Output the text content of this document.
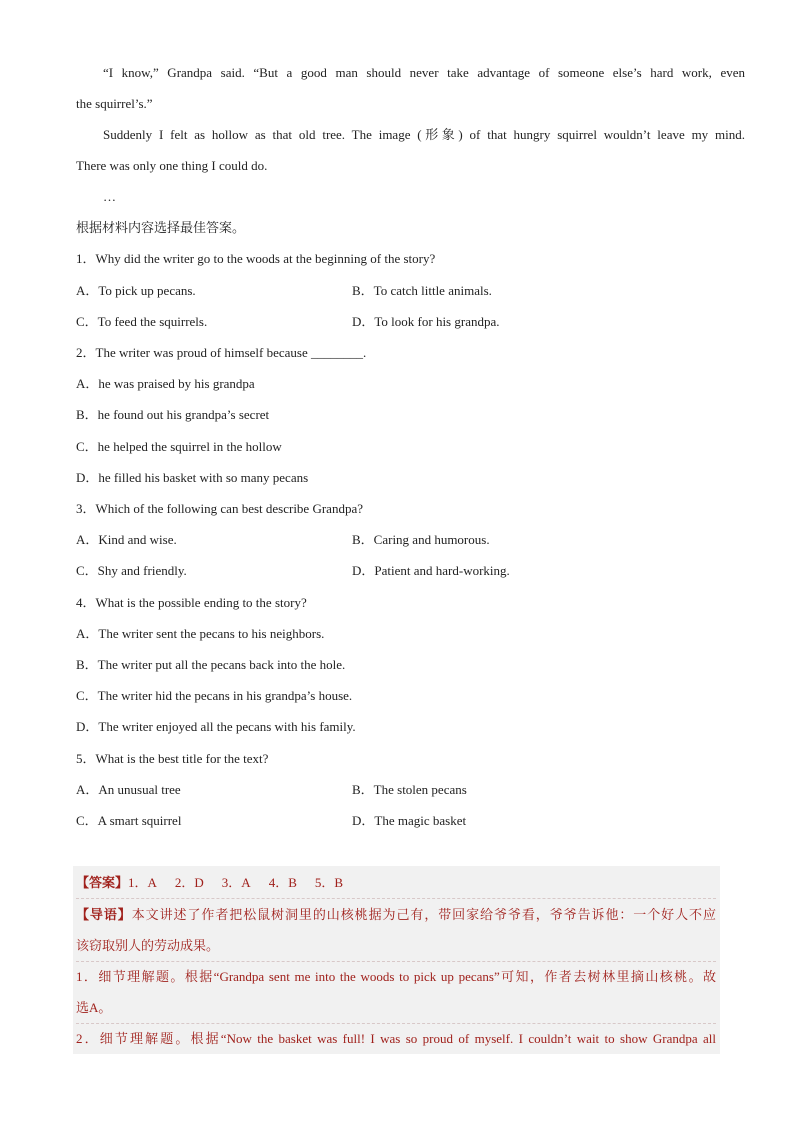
“I know,” Grandpa said. “But a good man should never take advantage of someone else’s hard work, even
the squirrel’s.”
Suddenly I felt as hollow as that old tree. The image (形象) of that hungry squirrel wouldn’t leave my mind.
There was only one thing I could do.
…
根据材料内容选择最佳答案。
1．Why did the writer go to the woods at the beginning of the story?
A．To pick up pecans.	B．To catch little animals.
C．To feed the squirrels.	D．To look for his grandpa.
2．The writer was proud of himself because ________.
A．he was praised by his grandpa
B．he found out his grandpa’s secret
C．he helped the squirrel in the hollow
D．he filled his basket with so many pecans
3．Which of the following can best describe Grandpa?
A．Kind and wise.	B．Caring and humorous.
C．Shy and friendly.	D．Patient and hard-working.
4．What is the possible ending to the story?
A．The writer sent the pecans to his neighbors.
B．The writer put all the pecans back into the hole.
C．The writer hid the pecans in his grandpa’s house.
D．The writer enjoyed all the pecans with his family.
5．What is the best title for the text?
A．An unusual tree	B．The stolen pecans
C．A smart squirrel	D．The magic basket
【答案】1．A 2．D 3．A 4．B 5．B
【导语】本文讲述了作者把松鼠树洞里的山核桃据为己有，带回家给爷爷看，爷爷告诉他：一个好人不应
该窃取别人的劳动成果。
1．细节理解题。根据“Grandpa sent me into the woods to pick up pecans”可知，作者去树林里摘山核桃。故
选A。
2．细节理解题。根据“Now the basket was full! I was so proud of myself. I couldn’t wait to show Grandpa all
